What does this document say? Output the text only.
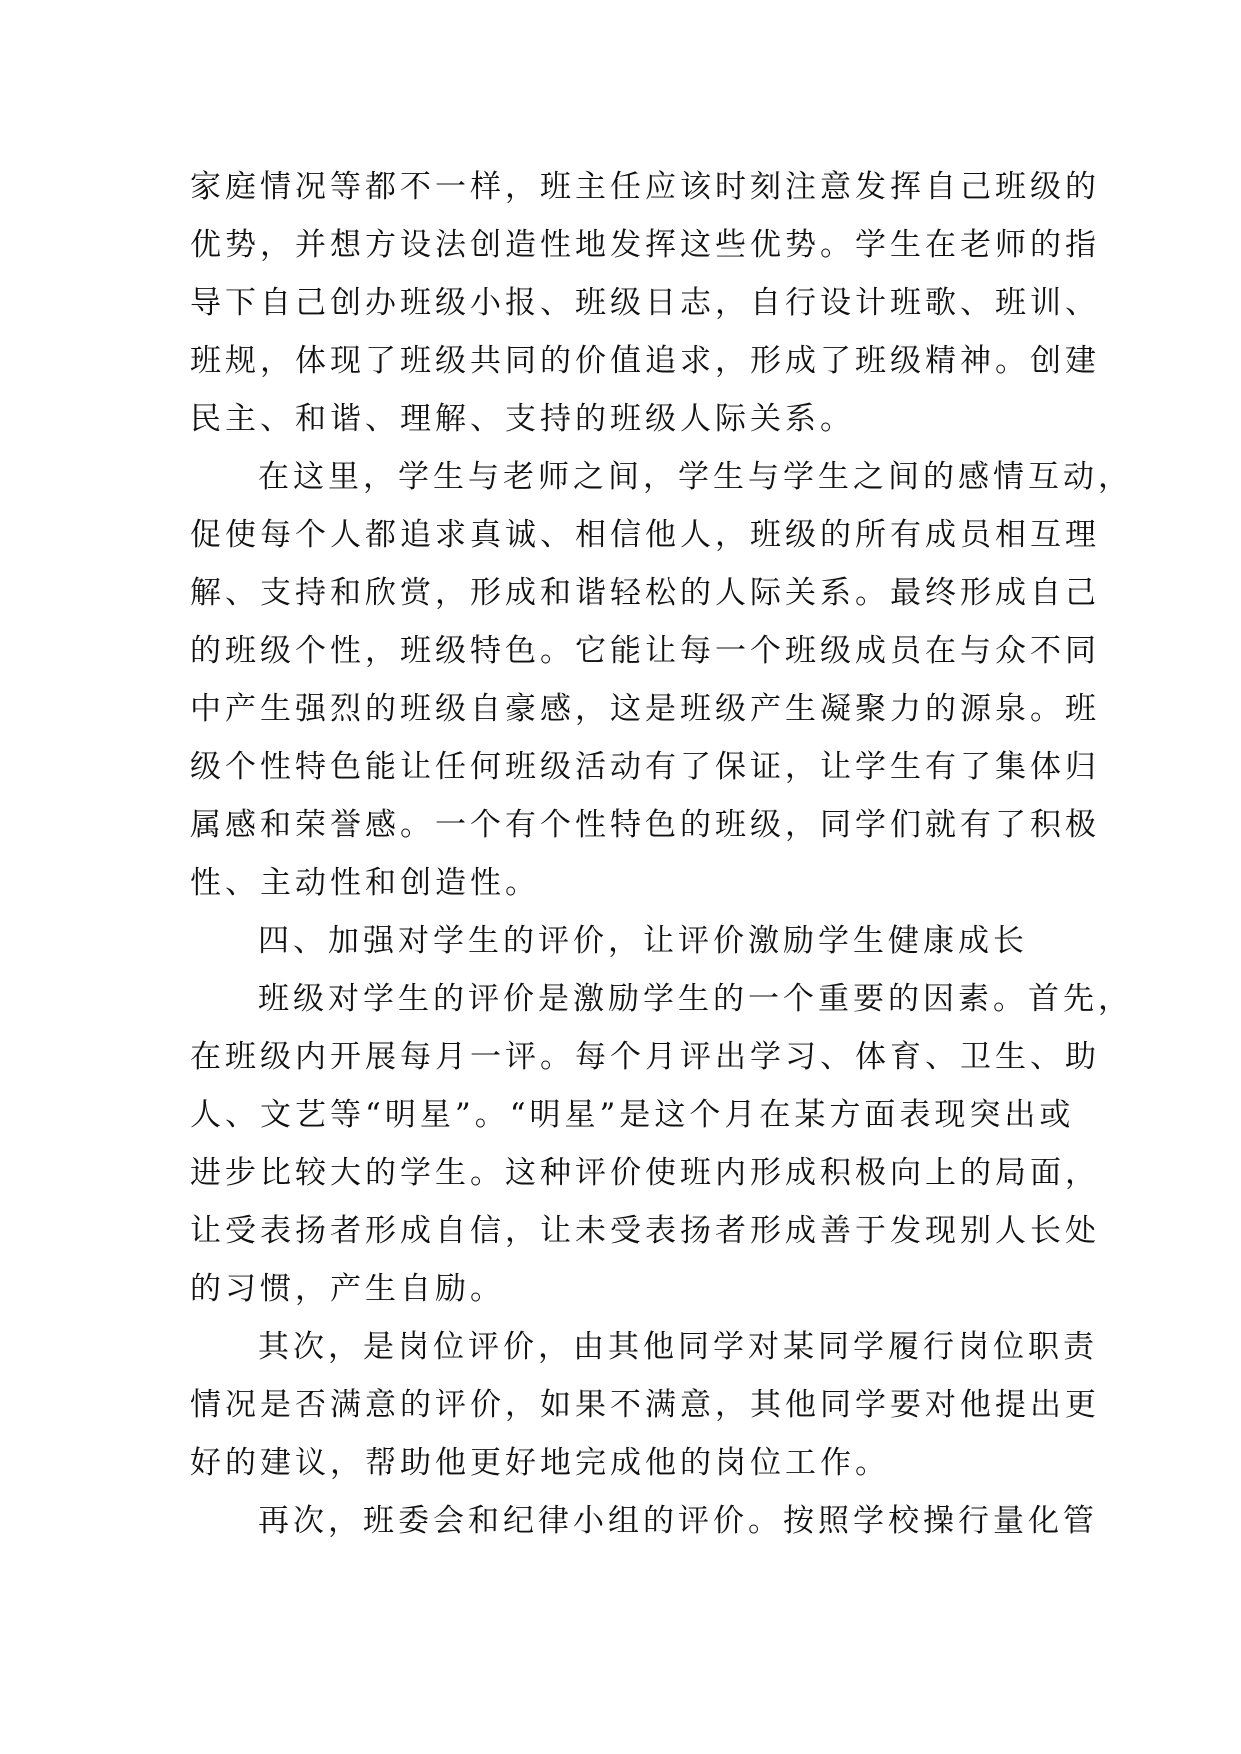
家庭情况等都不一样，班主任应该时刻注意发挥自己班级的
优势，并想方设法创造性地发挥这些优势。学生在老师的指
导下自己创办班级小报、班级日志，自行设计班歌、班训、
班规，体现了班级共同的价值追求，形成了班级精神。创建
民主、和谐、理解、支持的班级人际关系。
在这里，学生与老师之间，学生与学生之间的感情互动，
促使每个人都追求真诚、相信他人，班级的所有成员相互理
解、支持和欣赏，形成和谐轻松的人际关系。最终形成自己
的班级个性，班级特色。它能让每一个班级成员在与众不同
中产生强烈的班级自豪感，这是班级产生凝聚力的源泉。班
级个性特色能让任何班级活动有了保证，让学生有了集体归
属感和荣誉感。一个有个性特色的班级，同学们就有了积极
性、主动性和创造性。
四、加强对学生的评价，让评价激励学生健康成长
班级对学生的评价是激励学生的一个重要的因素。首先，
在班级内开展每月一评。每个月评出学习、体育、卫生、助
人、文艺等“明星”。“明星”是这个月在某方面表现突出或
进步比较大的学生。这种评价使班内形成积极向上的局面，
让受表扬者形成自信，让未受表扬者形成善于发现别人长处
的习惯，产生自励。
其次，是岗位评价，由其他同学对某同学履行岗位职责
情况是否满意的评价，如果不满意，其他同学要对他提出更
好的建议，帮助他更好地完成他的岗位工作。
再次，班委会和纪律小组的评价。按照学校操行量化管
